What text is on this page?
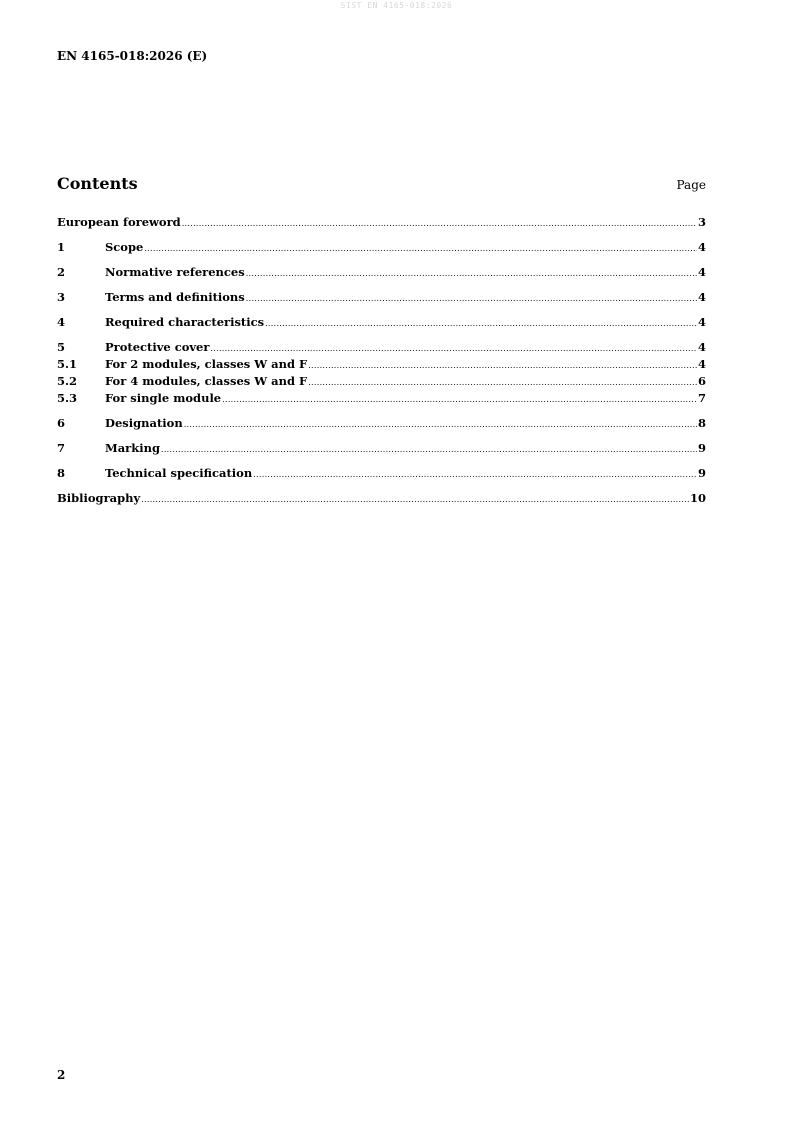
SIST EN 4165-018:2026
EN 4165-018:2026 (E)
Contents	Page
European foreword .....	3
1	Scope .....	4
2	Normative references .....	4
3	Terms and definitions .....	4
4	Required characteristics .....	4
5	Protective cover .....	4
5.1	For 2 modules, classes W and F .....	4
5.2	For 4 modules, classes W and F .....	6
5.3	For single module .....	7
6	Designation .....	8
7	Marking .....	9
8	Technical specification .....	9
Bibliography .....	10
2
